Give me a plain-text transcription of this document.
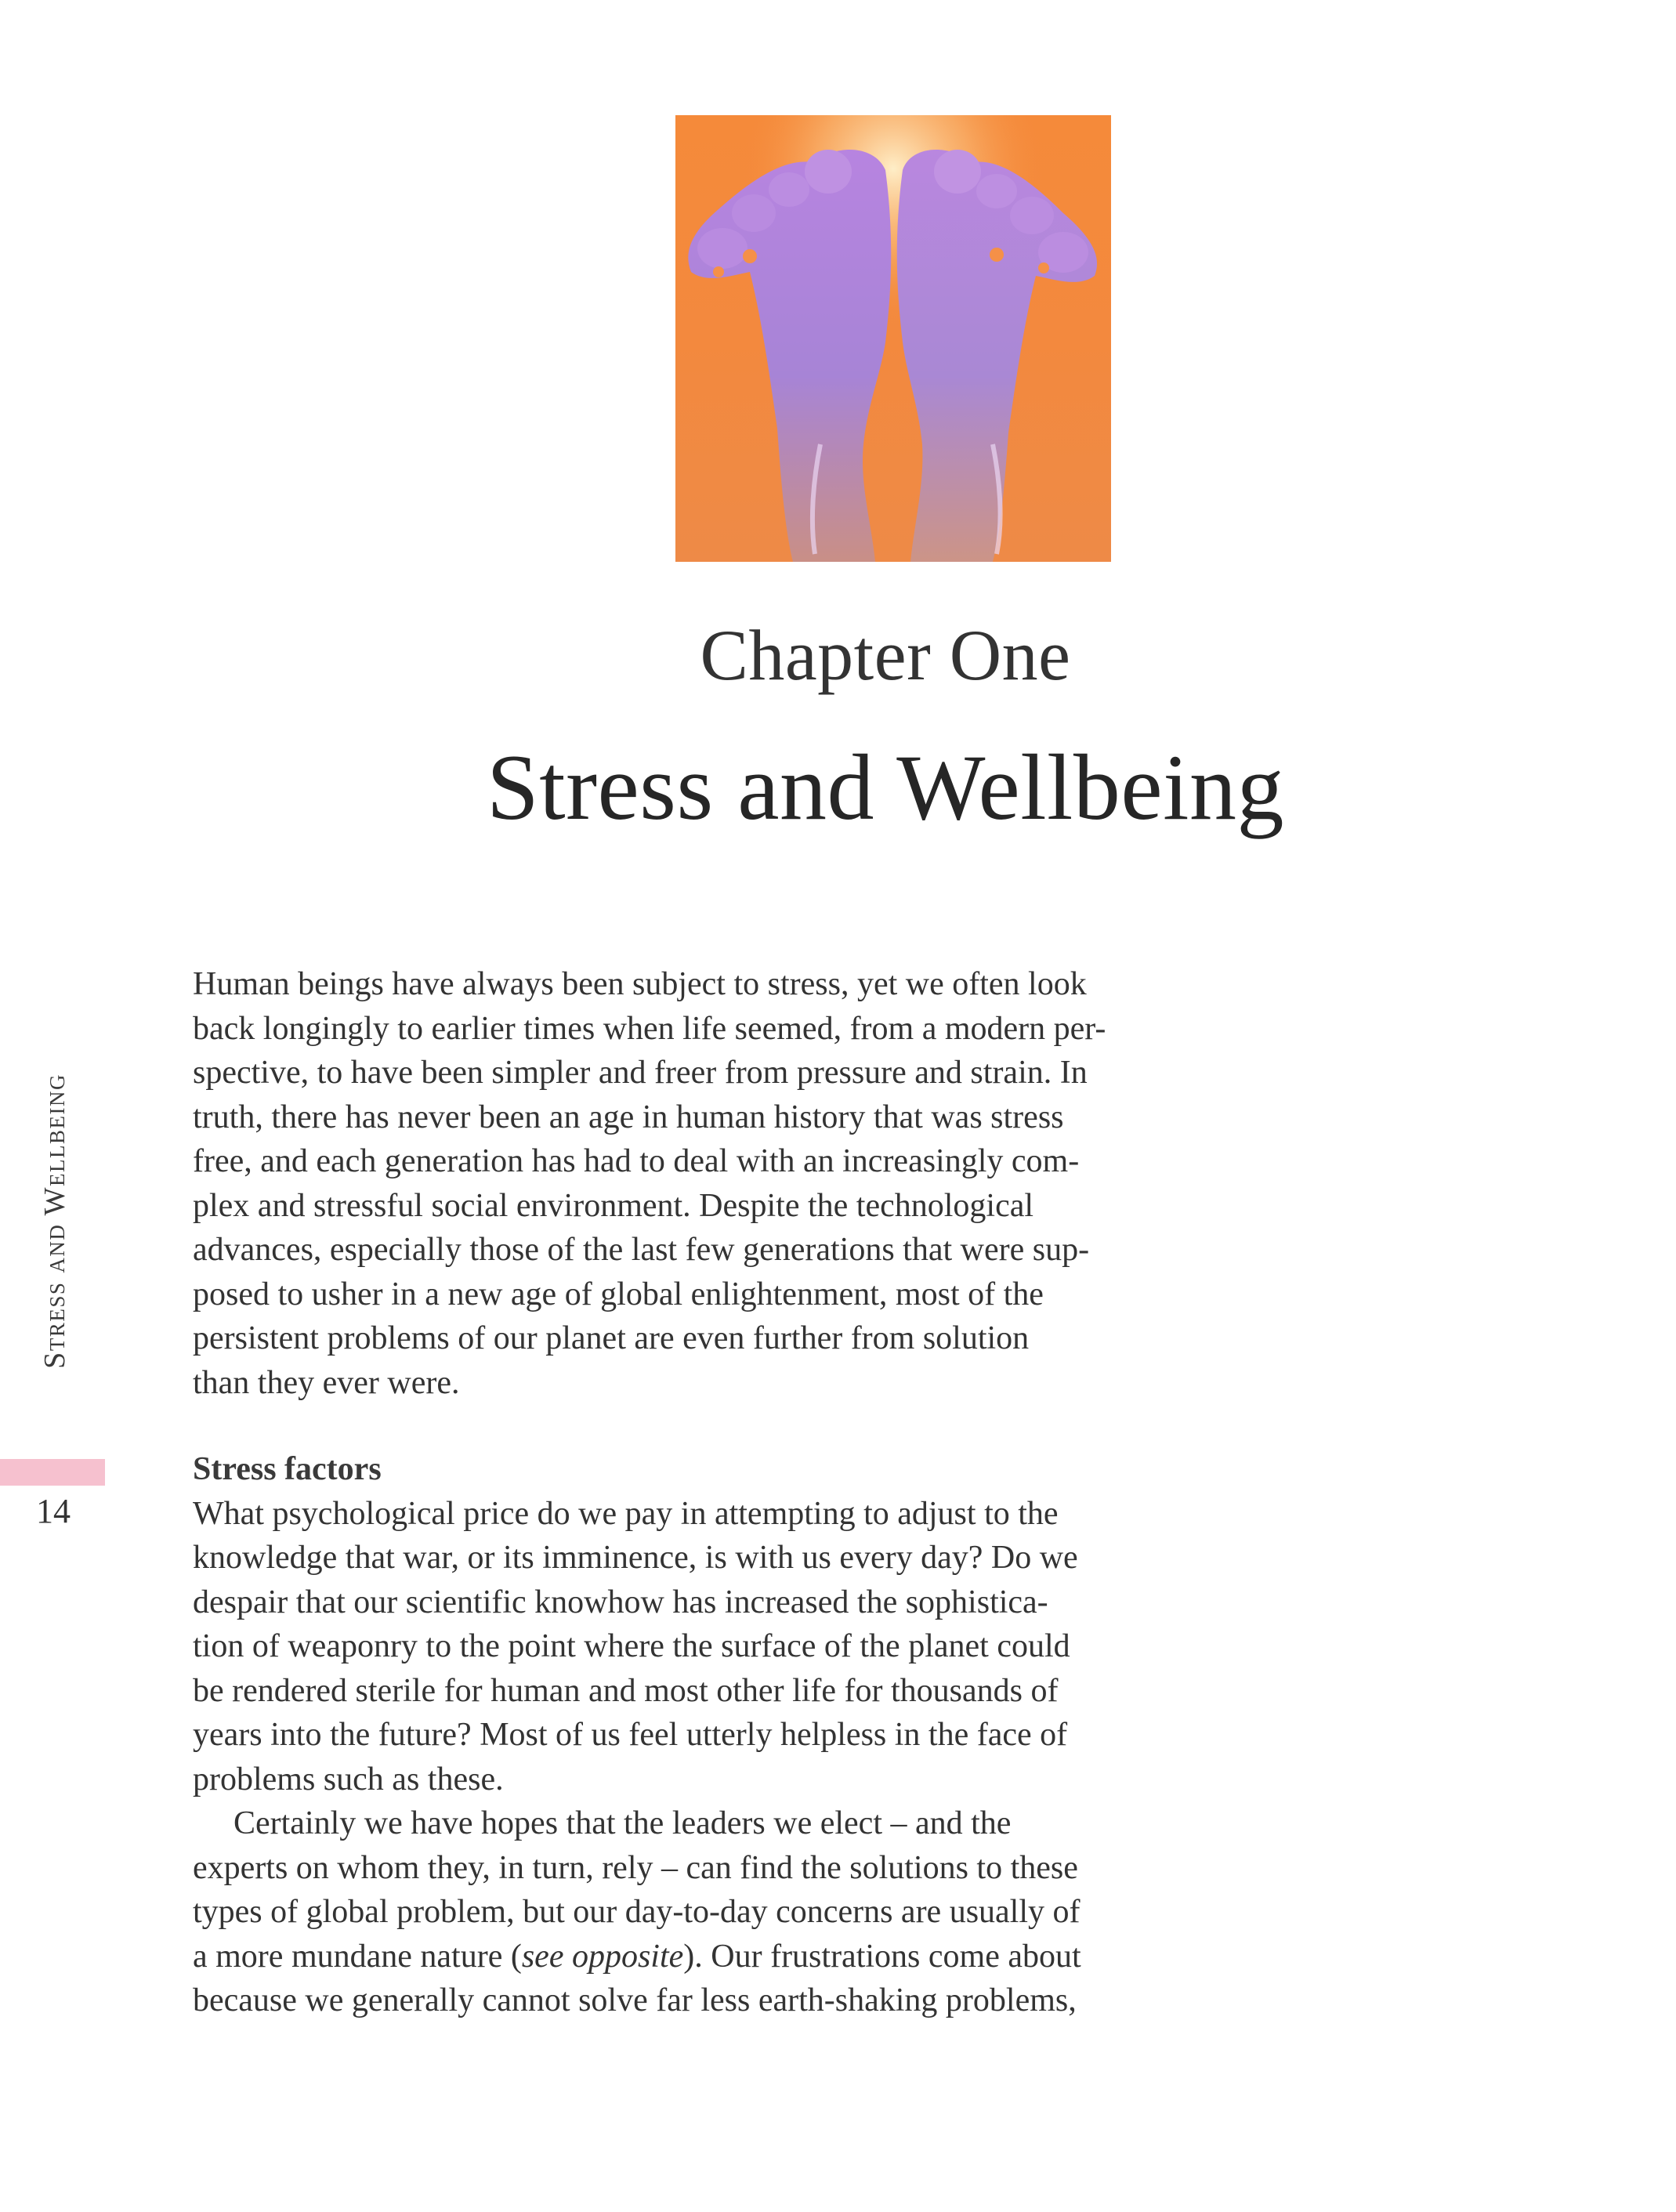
Chapter One
Stress and Wellbeing

Human beings have always been subject to stress, yet we often look
back longingly to earlier times when life seemed, from a modern per-
spective, to have been simpler and freer from pressure and strain. In
truth, there has never been an age in human history that was stress
free, and each generation has had to deal with an increasingly com-
plex and stressful social environment. Despite the technological
advances, especially those of the last few generations that were sup-
posed to usher in a new age of global enlightenment, most of the
persistent problems of our planet are even further from solution
than they ever were.

Stress factors

What psychological price do we pay in attempting to adjust to the
knowledge that war, or its imminence, is with us every day? Do we
despair that our scientific knowhow has increased the sophistica-
tion of weaponry to the point where the surface of the planet could
be rendered sterile for human and most other life for thousands of
years into the future? Most of us feel utterly helpless in the face of
problems such as these.

Certainly we have hopes that the leaders we elect – and the
experts on whom they, in turn, rely – can find the solutions to these
types of global problem, but our day-to-day concerns are usually of
a more mundane nature (see opposite). Our frustrations come about
because we generally cannot solve far less earth-shaking problems,

Stress and Wellbeing
14
